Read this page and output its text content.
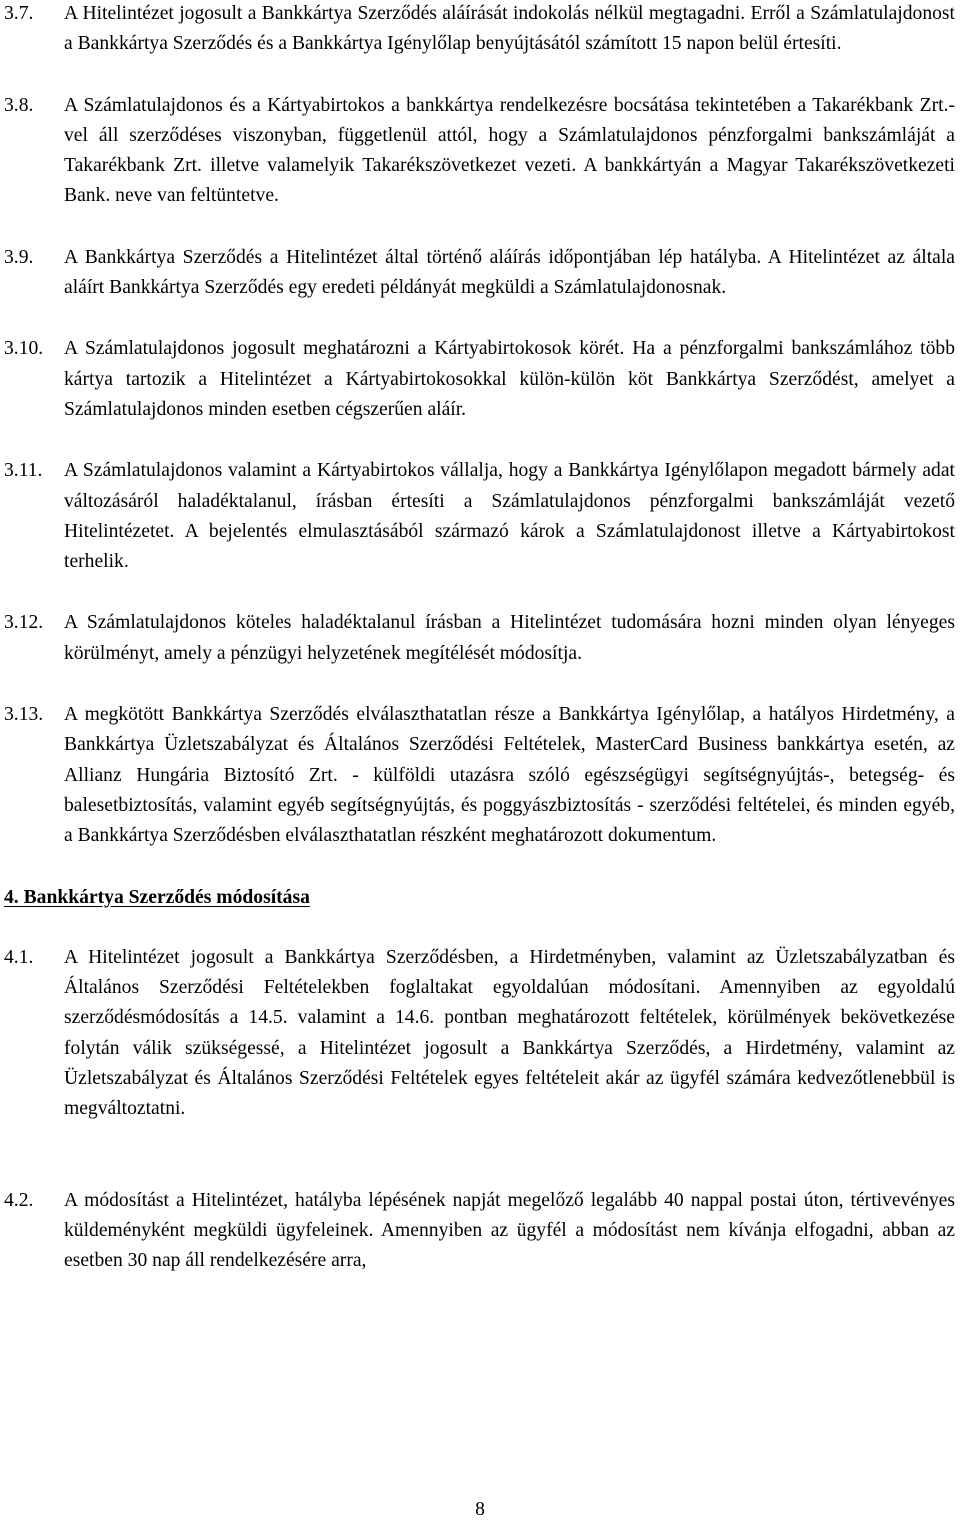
3.7. A Hitelintézet jogosult a Bankkártya Szerződés aláírását indokolás nélkül megtagadni. Erről a Számlatulajdonost a Bankkártya Szerződés és a Bankkártya Igénylőlap benyújtásától számított 15 napon belül értesíti.
3.8. A Számlatulajdonos és a Kártyabirtokos a bankkártya rendelkezésre bocsátása tekintetében a Takarékbank Zrt.-vel áll szerződéses viszonyban, függetlenül attól, hogy a Számlatulajdonos pénzforgalmi bankszámláját a Takarékbank Zrt. illetve valamelyik Takarékszövetkezet vezeti. A bankkártyán a Magyar Takarékszövetkezeti Bank. neve van feltüntetve.
3.9. A Bankkártya Szerződés a Hitelintézet által történő aláírás időpontjában lép hatályba. A Hitelintézet az általa aláírt Bankkártya Szerződés egy eredeti példányát megküldi a Számlatulajdonosnak.
3.10. A Számlatulajdonos jogosult meghatározni a Kártyabirtokosok körét. Ha a pénzforgalmi bankszámlához több kártya tartozik a Hitelintézet a Kártyabirtokosokkal külön-külön köt Bankkártya Szerződést, amelyet a Számlatulajdonos minden esetben cégszerűen aláír.
3.11. A Számlatulajdonos valamint a Kártyabirtokos vállalja, hogy a Bankkártya Igénylőlapon megadott bármely adat változásáról haladéktalanul, írásban értesíti a Számlatulajdonos pénzforgalmi bankszámláját vezető Hitelintézetet. A bejelentés elmulasztásából származó károk a Számlatulajdonost illetve a Kártyabirtokost terhelik.
3.12. A Számlatulajdonos köteles haladéktalanul írásban a Hitelintézet tudomására hozni minden olyan lényeges körülményt, amely a pénzügyi helyzetének megítélését módosítja.
3.13. A megkötött Bankkártya Szerződés elválaszthatatlan része a Bankkártya Igénylőlap, a hatályos Hirdetmény, a Bankkártya Üzletszabályzat és Általános Szerződési Feltételek, MasterCard Business bankkártya esetén, az Allianz Hungária Biztosító Zrt. - külföldi utazásra szóló egészségügyi segítségnyújtás-, betegség- és balesetbiztosítás, valamint egyéb segítségnyújtás, és poggyászbiztosítás - szerződési feltételei, és minden egyéb, a Bankkártya Szerződésben elválaszthatatlan részként meghatározott dokumentum.
4. Bankkártya Szerződés módosítása
4.1. A Hitelintézet jogosult a Bankkártya Szerződésben, a Hirdetményben, valamint az Üzletszabályzatban és Általános Szerződési Feltételekben foglaltakat egyoldalúan módosítani. Amennyiben az egyoldalú szerződésmódosítás a 14.5. valamint a 14.6. pontban meghatározott feltételek, körülmények bekövetkezése folytán válik szükségessé, a Hitelintézet jogosult a Bankkártya Szerződés, a Hirdetmény, valamint az Üzletszabályzat és Általános Szerződési Feltételek egyes feltételeit akár az ügyfél számára kedvezőtlenebbül is megváltoztatni.
4.2. A módosítást a Hitelintézet, hatályba lépésének napját megelőző legalább 40 nappal postai úton, tértivevényes küldeményként megküldi ügyfeleinek. Amennyiben az ügyfél a módosítást nem kívánja elfogadni, abban az esetben 30 nap áll rendelkezésére arra,
8
